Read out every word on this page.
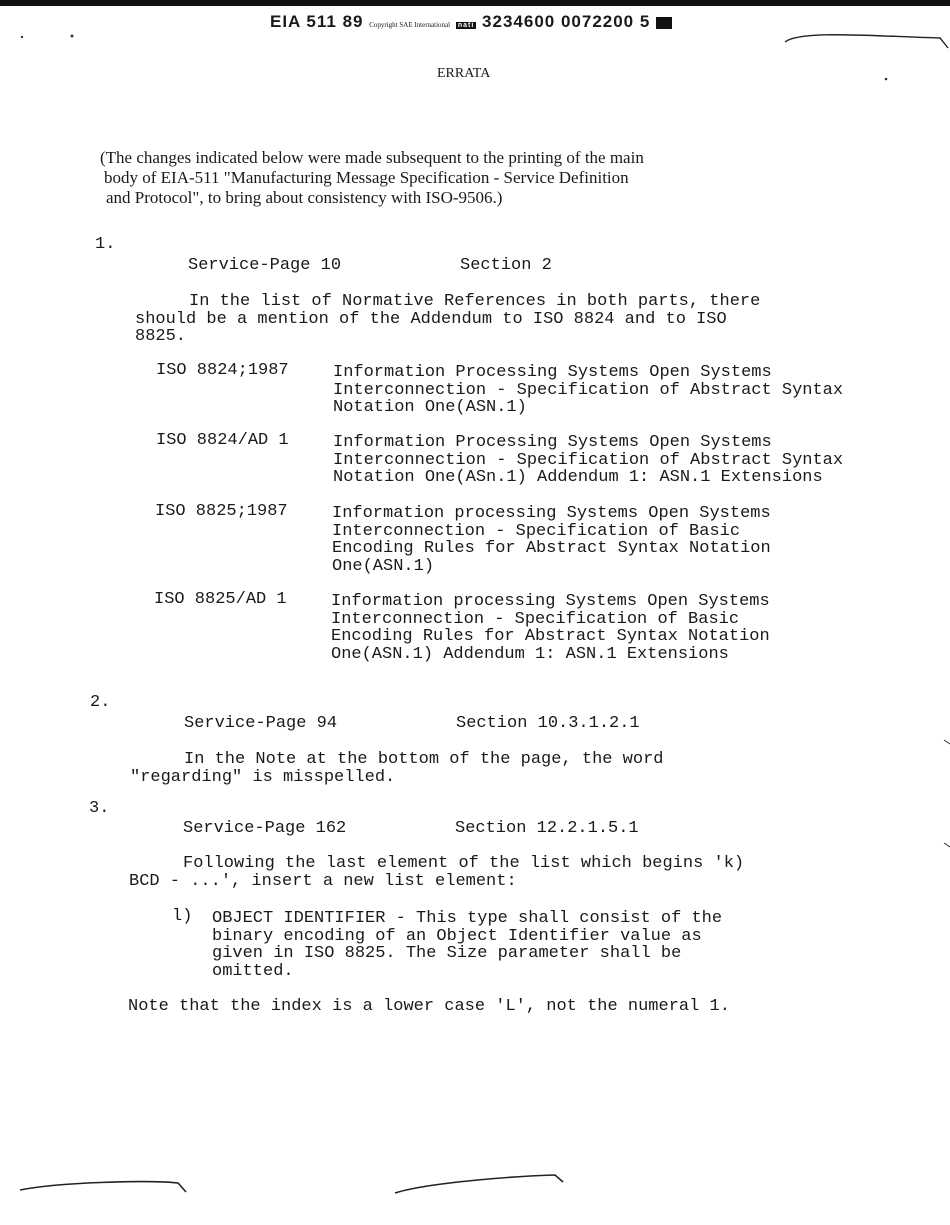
EIA 511 89 Copyright SAE International nati 3234600 0072200 5
ERRATA
(The changes indicated below were made subsequent to the printing of the main
body of EIA-511 "Manufacturing Message Specification - Service Definition
and Protocol", to bring about consistency with ISO-9506.)
1.
Service-Page 10	Section 2
In the list of Normative References in both parts, there
should be a mention of the Addendum to ISO 8824 and to ISO
8825.
ISO 8824;1987	Information Processing Systems Open Systems
Interconnection - Specification of Abstract Syntax
Notation One(ASN.1)
ISO 8824/AD 1	Information Processing Systems Open Systems
Interconnection - Specification of Abstract Syntax
Notation One(ASn.1) Addendum 1: ASN.1 Extensions
ISO 8825;1987	Information processing Systems Open Systems
Interconnection - Specification of Basic
Encoding Rules for Abstract Syntax Notation
One(ASN.1)
ISO 8825/AD 1	Information processing Systems Open Systems
Interconnection - Specification of Basic
Encoding Rules for Abstract Syntax Notation
One(ASN.1) Addendum 1: ASN.1 Extensions
2.
Service-Page 94	Section 10.3.1.2.1
In the Note at the bottom of the page, the word
"regarding" is misspelled.
3.
Service-Page 162	Section 12.2.1.5.1
Following the last element of the list which begins 'k)
BCD - ...', insert a new list element:
l) OBJECT IDENTIFIER - This type shall consist of the
binary encoding of an Object Identifier value as
given in ISO 8825. The Size parameter shall be
omitted.
Note that the index is a lower case 'L', not the numeral 1.
